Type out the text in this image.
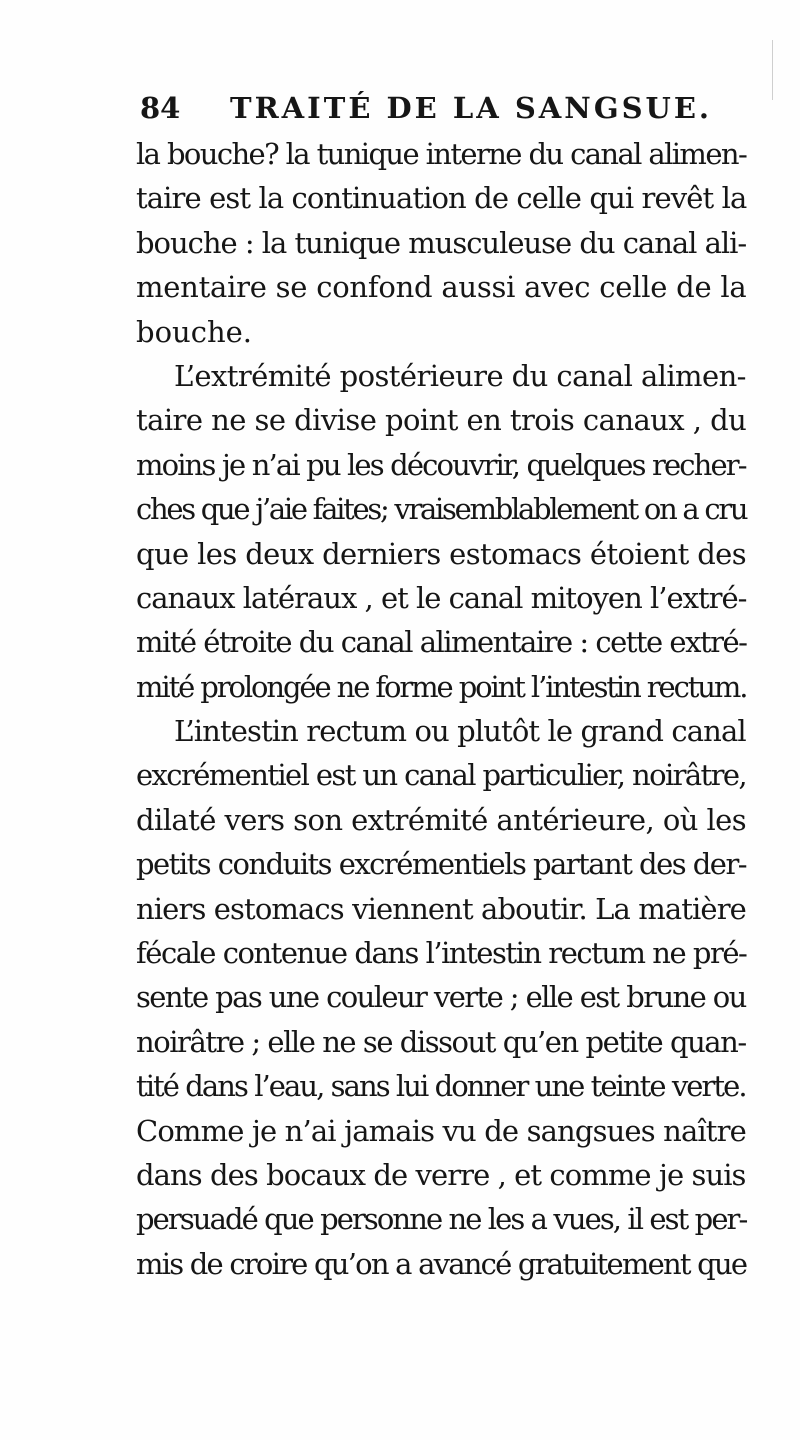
84 TRAITÉ DE LA SANGSUE.
la bouche? la tunique interne du canal alimen-
taire est la continuation de celle qui revêt la
bouche : la tunique musculeuse du canal ali-
mentaire se confond aussi avec celle de la
bouche.
L’extrémité postérieure du canal alimen-
taire ne se divise point en trois canaux , du
moins je n’ai pu les découvrir, quelques recher-
ches que j’aie faites; vraisemblablement on a cru
que les deux derniers estomacs étoient des
canaux latéraux , et le canal mitoyen l’extré-
mité étroite du canal alimentaire : cette extré-
mité prolongée ne forme point l’intestin rectum.
L’intestin rectum ou plutôt le grand canal
excrémentiel est un canal particulier, noirâtre,
dilaté vers son extrémité antérieure, où les
petits conduits excrémentiels partant des der-
niers estomacs viennent aboutir. La matière
fécale contenue dans l’intestin rectum ne pré-
sente pas une couleur verte ; elle est brune ou
noirâtre ; elle ne se dissout qu’en petite quan-
tité dans l’eau, sans lui donner une teinte verte.
Comme je n’ai jamais vu de sangsues naître
dans des bocaux de verre , et comme je suis
persuadé que personne ne les a vues, il est per-
mis de croire qu’on a avancé gratuitement que
